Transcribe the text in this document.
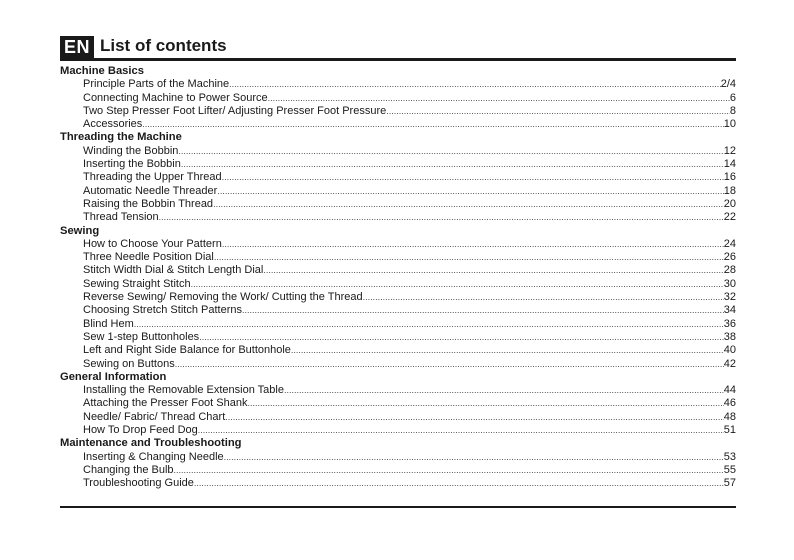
EN List of contents
Machine Basics
Principle Parts of the Machine .....	2/4
Connecting Machine to Power Source .....	6
Two Step Presser Foot Lifter/ Adjusting Presser Foot Pressure .....	8
Accessories .....	10
Threading the Machine
Winding the Bobbin .....	12
Inserting the Bobbin .....	14
Threading the Upper Thread .....	16
Automatic Needle Threader .....	18
Raising the Bobbin Thread .....	20
Thread Tension .....	22
Sewing
How to Choose Your Pattern .....	24
Three Needle Position Dial .....	26
Stitch Width Dial & Stitch Length Dial .....	28
Sewing Straight Stitch .....	30
Reverse Sewing/ Removing the Work/ Cutting the Thread .....	32
Choosing Stretch Stitch Patterns .....	34
Blind Hem .....	36
Sew 1-step Buttonholes .....	38
Left and Right Side Balance for Buttonhole .....	40
Sewing on Buttons .....	42
General Information
Installing the Removable Extension Table .....	44
Attaching the Presser Foot Shank .....	46
Needle/ Fabric/ Thread Chart .....	48
How To Drop Feed Dog .....	51
Maintenance and Troubleshooting
Inserting & Changing Needle .....	53
Changing the Bulb .....	55
Troubleshooting Guide .....	57
